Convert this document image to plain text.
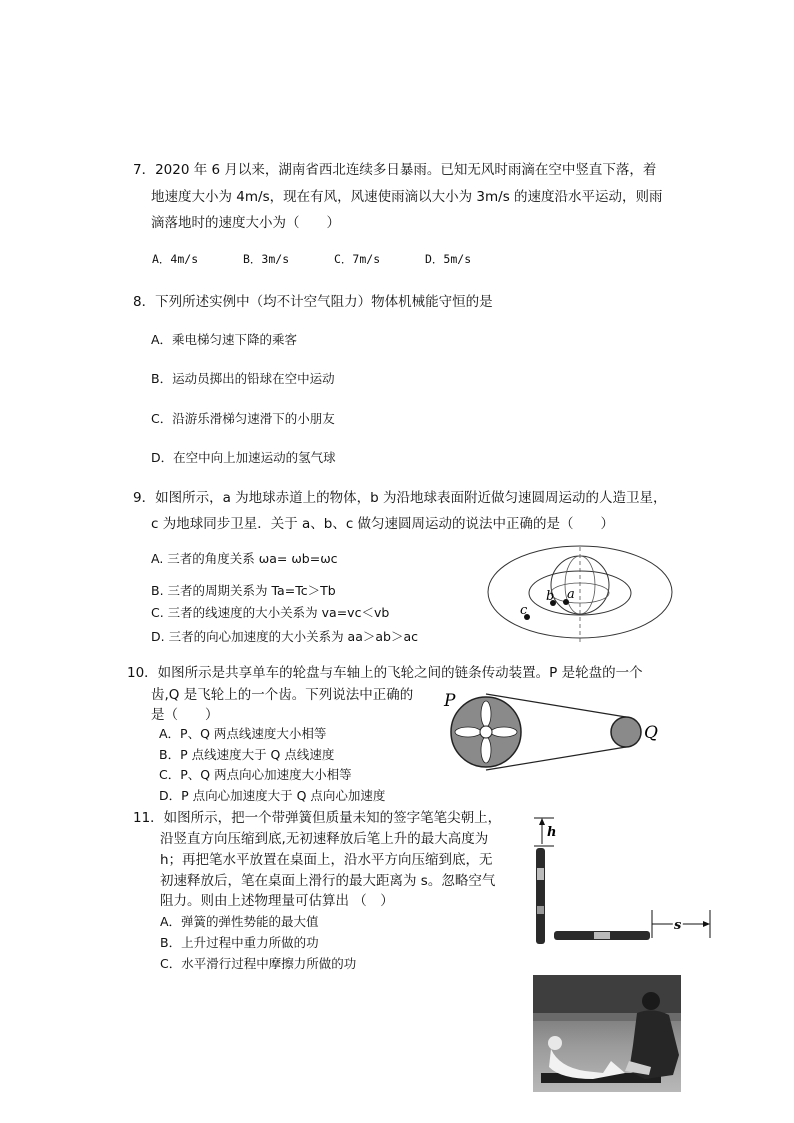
7．2020 年 6 月以来，湖南省西北连续多日暴雨。已知无风时雨滴在空中竖直下落，着
地速度大小为 4m/s，现在有风，风速使雨滴以大小为 3m/s 的速度沿水平运动，则雨
滴落地时的速度大小为（　　）
A．4m/s	B．3m/s	C．7m/s	D．5m/s
8．下列所述实例中（均不计空气阻力）物体机械能守恒的是
A．乘电梯匀速下降的乘客
B．运动员掷出的铅球在空中运动
C．沿游乐滑梯匀速滑下的小朋友
D．在空中向上加速运动的氢气球
9．如图所示，a 为地球赤道上的物体，b 为沿地球表面附近做匀速圆周运动的人造卫星，
c 为地球同步卫星．关于 a、b、c 做匀速圆周运动的说法中正确的是（　　）
A. 三者的角度关系 ωa= ωb=ωc
B. 三者的周期关系为 Ta=Tc＞Tb
C. 三者的线速度的大小关系为 va=vc＜vb
D. 三者的向心加速度的大小关系为 aa＞ab＞ac
a
b
c
10．如图所示是共享单车的轮盘与车轴上的飞轮之间的链条传动装置。P 是轮盘的一个
齿,Q 是飞轮上的一个齿。下列说法中正确的
是（　　）
A．P、Q 两点线速度大小相等
B．P 点线速度大于 Q 点线速度
C．P、Q 两点向心加速度大小相等
D．P 点向心加速度大于 Q 点向心加速度
P
Q
11．如图所示，把一个带弹簧但质量未知的签字笔笔尖朝上，
沿竖直方向压缩到底,无初速释放后笔上升的最大高度为
h；再把笔水平放置在桌面上，沿水平方向压缩到底，无
初速释放后，笔在桌面上滑行的最大距离为 s。忽略空气
阻力。则由上述物理量可估算出 （　）
A．弹簧的弹性势能的最大值
B．上升过程中重力所做的功
C．水平滑行过程中摩擦力所做的功
h
s
